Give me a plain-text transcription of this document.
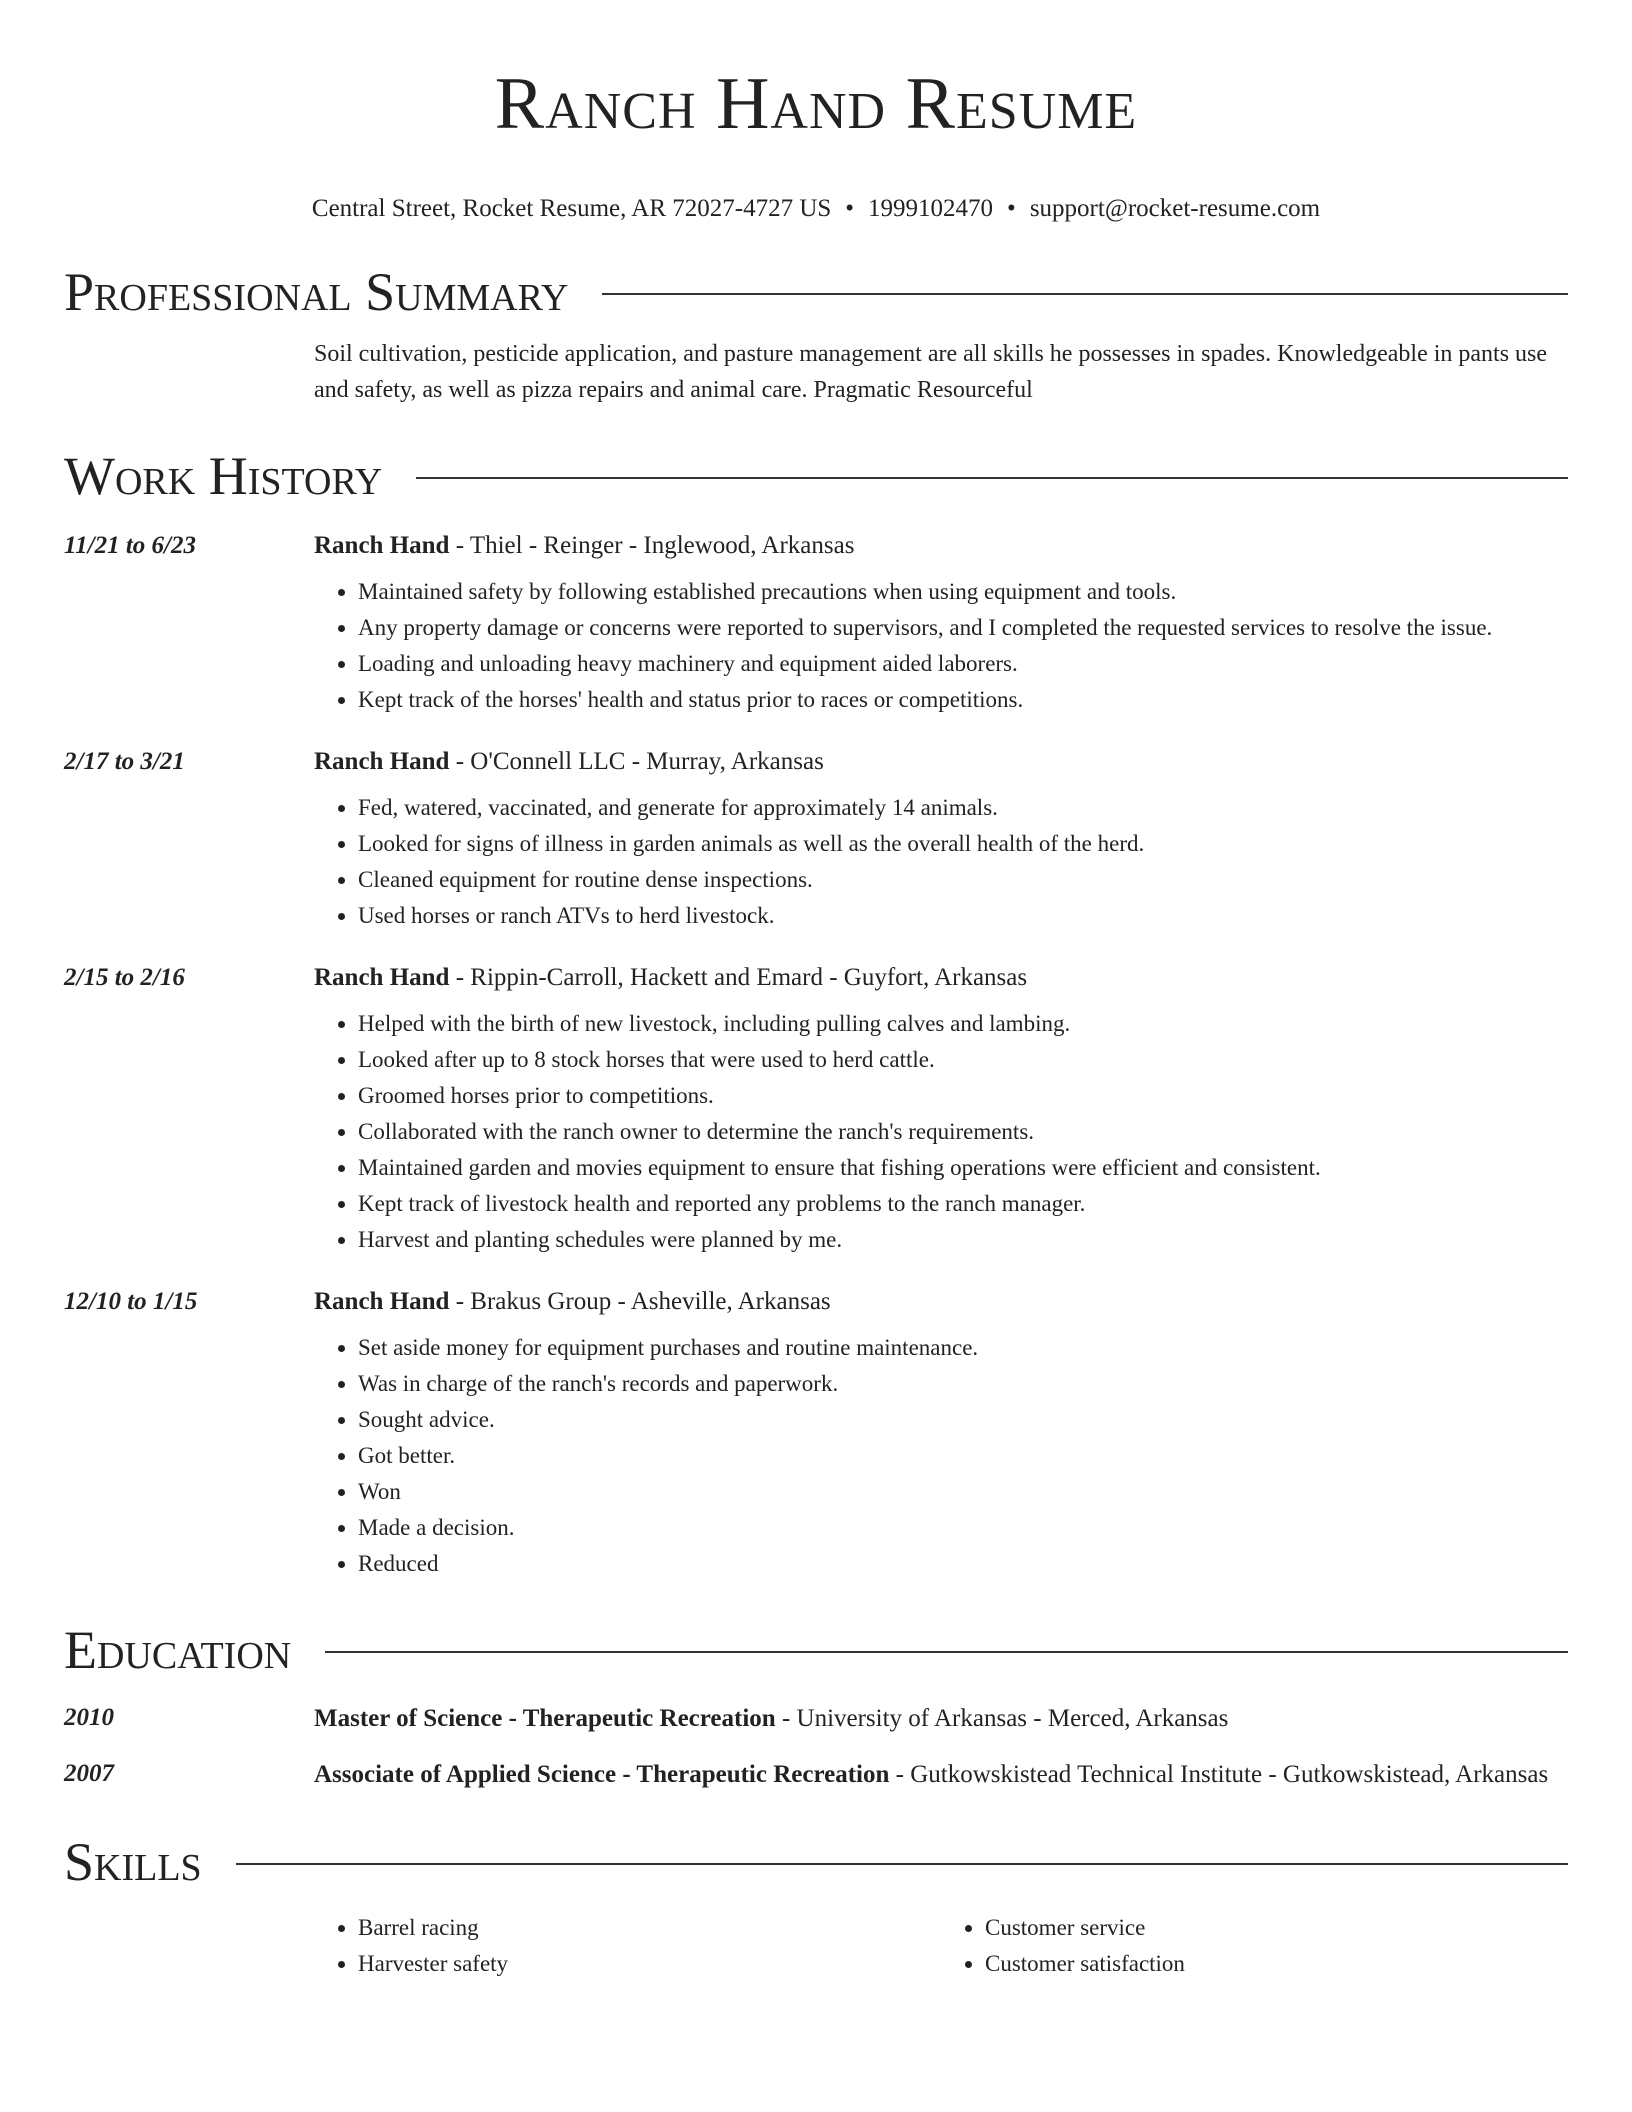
Ranch Hand Resume
Central Street, Rocket Resume, AR 72027-4727 US • 1999102470 • support@rocket-resume.com
Professional Summary
Soil cultivation, pesticide application, and pasture management are all skills he possesses in spades. Knowledgeable in pants use and safety, as well as pizza repairs and animal care. Pragmatic Resourceful
Work History
11/21 to 6/23	Ranch Hand - Thiel - Reinger - Inglewood, Arkansas
• Maintained safety by following established precautions when using equipment and tools.
• Any property damage or concerns were reported to supervisors, and I completed the requested services to resolve the issue.
• Loading and unloading heavy machinery and equipment aided laborers.
• Kept track of the horses' health and status prior to races or competitions.
2/17 to 3/21	Ranch Hand - O'Connell LLC - Murray, Arkansas
• Fed, watered, vaccinated, and generate for approximately 14 animals.
• Looked for signs of illness in garden animals as well as the overall health of the herd.
• Cleaned equipment for routine dense inspections.
• Used horses or ranch ATVs to herd livestock.
2/15 to 2/16	Ranch Hand - Rippin-Carroll, Hackett and Emard - Guyfort, Arkansas
• Helped with the birth of new livestock, including pulling calves and lambing.
• Looked after up to 8 stock horses that were used to herd cattle.
• Groomed horses prior to competitions.
• Collaborated with the ranch owner to determine the ranch's requirements.
• Maintained garden and movies equipment to ensure that fishing operations were efficient and consistent.
• Kept track of livestock health and reported any problems to the ranch manager.
• Harvest and planting schedules were planned by me.
12/10 to 1/15	Ranch Hand - Brakus Group - Asheville, Arkansas
• Set aside money for equipment purchases and routine maintenance.
• Was in charge of the ranch's records and paperwork.
• Sought advice.
• Got better.
• Won
• Made a decision.
• Reduced
Education
2010	Master of Science - Therapeutic Recreation - University of Arkansas - Merced, Arkansas
2007	Associate of Applied Science - Therapeutic Recreation - Gutkowskistead Technical Institute - Gutkowskistead, Arkansas
Skills
• Barrel racing
• Harvester safety
• Customer service
• Customer satisfaction
